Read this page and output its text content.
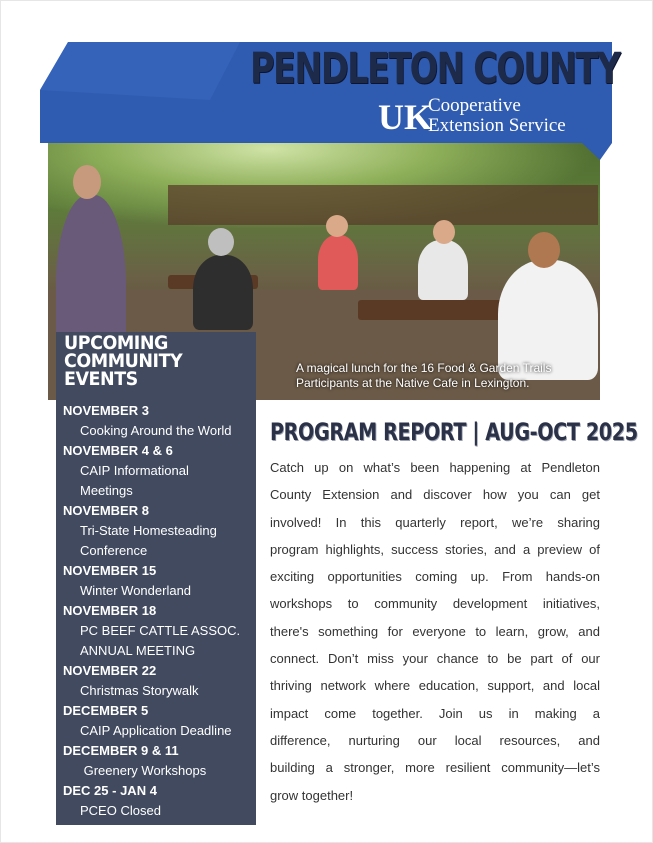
A magical lunch for the 16 Food & Garden Trails
Participants at the Native Cafe in Lexington.
PENDLETON COUNTY
UK
Cooperative
Extension Service
UPCOMING
COMMUNITY
EVENTS
NOVEMBER 3
Cooking Around the World
NOVEMBER 4 & 6
CAIP Informational
Meetings
NOVEMBER 8
Tri-State Homesteading
Conference
NOVEMBER 15
Winter Wonderland
NOVEMBER 18
PC BEEF CATTLE ASSOC.
ANNUAL MEETING
NOVEMBER 22
Christmas Storywalk
DECEMBER 5
CAIP Application Deadline
DECEMBER 9 & 11
Greenery Workshops
DEC 25 - JAN 4
PCEO Closed
PROGRAM REPORT | AUG-OCT 2025
Catch up on what’s been happening at Pendleton
County Extension and discover how you can get
involved! In this quarterly report, we’re sharing
program highlights, success stories, and a preview of
exciting opportunities coming up. From hands-on
workshops to community development initiatives,
there's something for everyone to learn, grow, and
connect. Don’t miss your chance to be part of our
thriving network where education, support, and local
impact come together. Join us in making a
difference, nurturing our local resources, and
building a stronger, more resilient community—let’s
grow together!
